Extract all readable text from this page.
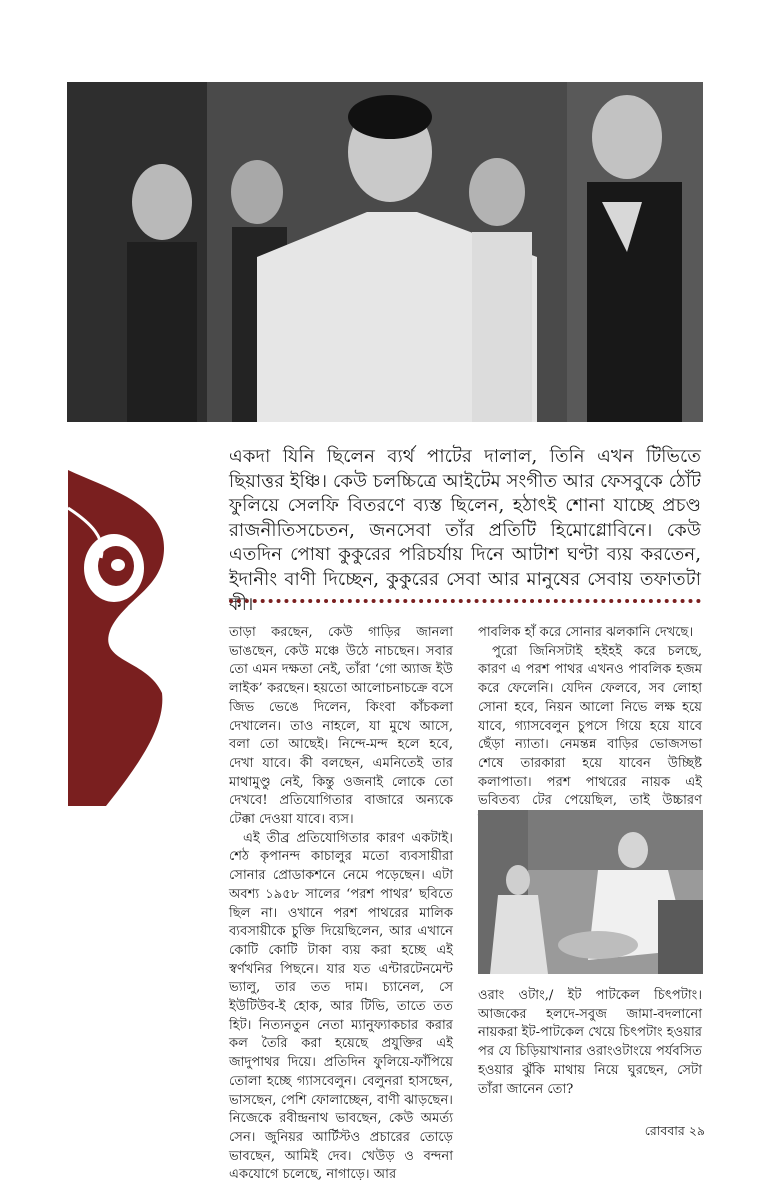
একদা যিনি ছিলেন ব্যর্থ পাটের দালাল, তিনি এখন টিভিতে ছিয়াত্তর ইঞ্চি। কেউ চলচ্চিত্রে আইটেম সংগীত আর ফেসবুকে ঠোঁট ফুলিয়ে সেলফি বিতরণে ব্যস্ত ছিলেন, হঠাৎই শোনা যাচ্ছে প্রচণ্ড রাজনীতিসচেতন, জনসেবা তাঁর প্রতিটি হিমোগ্লোবিনে। কেউ এতদিন পোষা কুকুরের পরিচর্যায় দিনে আটাশ ঘণ্টা ব্যয় করতেন, ইদানীং বাণী দিচ্ছেন, কুকুরের সেবা আর মানুষের সেবায় তফাতটা কী।

তাড়া করছেন, কেউ গাড়ির জানলা ভাঙছেন, কেউ মঞ্চে উঠে নাচছেন। সবার তো এমন দক্ষতা নেই, তাঁরা ‘গো অ্যাজ ইউ লাইক’ করছেন। হয়তো আলোচনাচক্রে বসে জিভ ভেঙে দিলেন, কিংবা কাঁচকলা দেখালেন। তাও নাহলে, যা মুখে আসে, বলা তো আছেই। নিন্দে-মন্দ হলে হবে, দেখা যাবে। কী বলছেন, এমনিতেই তার মাথামুণ্ডু নেই, কিন্তু ওজনাই লোকে তো দেখবে! প্রতিযোগিতার বাজারে অন্যকে টেক্কা দেওয়া যাবে। ব্যস।

এই তীব্র প্রতিযোগিতার কারণ একটাই। শেঠ কৃপানন্দ কাচালুর মতো ব্যবসায়ীরা সোনার প্রোডাকশনে নেমে পড়েছেন। এটা অবশ্য ১৯৫৮ সালের ‘পরশ পাথর’ ছবিতে ছিল না। ওখানে পরশ পাথরের মালিক ব্যবসায়ীকে চুক্তি দিয়েছিলেন, আর এখানে কোটি কোটি টাকা ব্যয় করা হচ্ছে এই স্বর্ণখনির পিছনে। যার যত এন্টারটেনমেন্ট ভ্যালু, তার তত দাম। চ্যানেল, সে ইউটিউব-ই হোক, আর টিভি, তাতে তত হিট। নিত্যনতুন নেতা ম্যানুফ্যাকচার করার কল তৈরি করা হয়েছে প্রযুক্তির এই জাদুপাথর দিয়ে। প্রতিদিন ফুলিয়ে-ফাঁপিয়ে তোলা হচ্ছে গ্যাসবেলুন। বেলুনরা হাসছেন, ভাসছেন, পেশি ফোলাচ্ছেন, বাণী ঝাড়ছেন। নিজেকে রবীন্দ্রনাথ ভাবছেন, কেউ অমর্ত্য সেন। জুনিয়র আর্টিস্টও প্রচারের তোড়ে ভাবছেন, আমিই দেব। খেউড় ও বন্দনা একযোগে চলেছে, নাগাড়ে। আর

পাবলিক হাঁ করে সোনার ঝলকানি দেখছে।

পুরো জিনিসটাই হইহই করে চলছে, কারণ এ পরশ পাথর এখনও পাবলিক হজম করে ফেলেনি। যেদিন ফেলবে, সব লোহা সোনা হবে, নিয়ন আলো নিভে লক্ষ হয়ে যাবে, গ্যাসবেলুন চুপসে গিয়ে হয়ে যাবে ছেঁড়া ন্যাতা। নেমন্তন্ন বাড়ির ভোজসভা শেষে তারকারা হয়ে যাবেন উচ্ছিষ্ট কলাপাতা। পরশ পাথরের নায়ক এই ভবিতব্য টের পেয়েছিল, তাই উচ্চারণ

ওরাং ওটাং,/ ইট পাটকেল চিৎপটাং। আজকের হলদে-সবুজ জামা-বদলানো নায়করা ইট-পাটকেল খেয়ে চিৎপটাং হওয়ার পর যে চিড়িয়াখানার ওরাংওটাংয়ে পর্যবসিত হওয়ার ঝুঁকি মাথায় নিয়ে ঘুরছেন, সেটা তাঁরা জানেন তো?

রোববার ২৯
